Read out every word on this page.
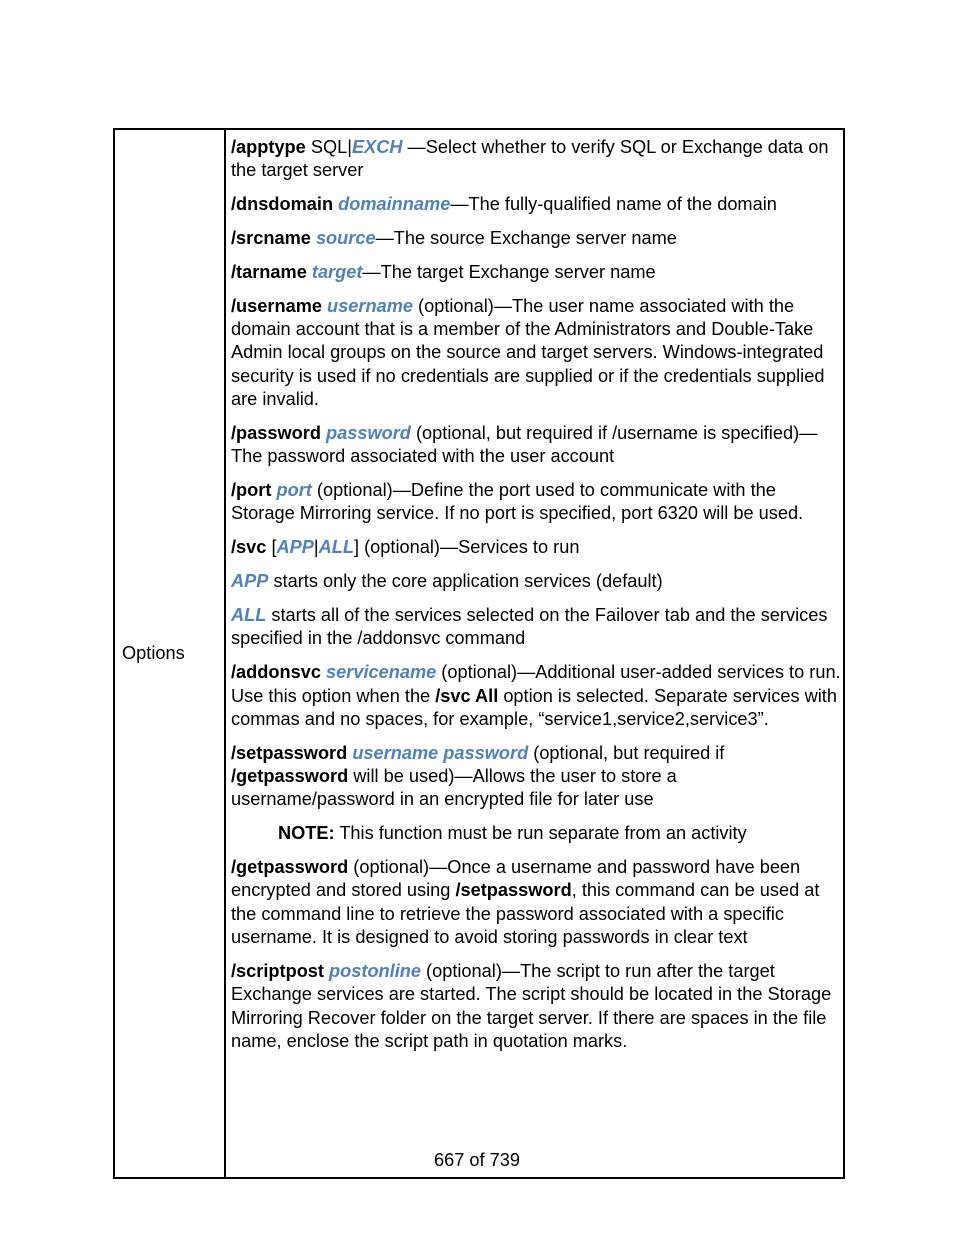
Options
/apptype SQL|EXCH —Select whether to verify SQL or Exchange data on the target server
/dnsdomain domainname—The fully-qualified name of the domain
/srcname source—The source Exchange server name
/tarname target—The target Exchange server name
/username username (optional)—The user name associated with the domain account that is a member of the Administrators and Double-Take Admin local groups on the source and target servers. Windows-integrated security is used if no credentials are supplied or if the credentials supplied are invalid.
/password password (optional, but required if /username is specified)—The password associated with the user account
/port port (optional)—Define the port used to communicate with the Storage Mirroring service. If no port is specified, port 6320 will be used.
/svc [APP|ALL] (optional)—Services to run
APP starts only the core application services (default)
ALL starts all of the services selected on the Failover tab and the services specified in the /addonsvc command
/addonsvc servicename (optional)—Additional user-added services to run. Use this option when the /svc All option is selected. Separate services with commas and no spaces, for example, “service1,service2,service3”.
/setpassword username password (optional, but required if /getpassword will be used)—Allows the user to store a username/password in an encrypted file for later use
NOTE: This function must be run separate from an activity
/getpassword (optional)—Once a username and password have been encrypted and stored using /setpassword, this command can be used at the command line to retrieve the password associated with a specific username. It is designed to avoid storing passwords in clear text
/scriptpost postonline (optional)—The script to run after the target Exchange services are started. The script should be located in the Storage Mirroring Recover folder on the target server. If there are spaces in the file name, enclose the script path in quotation marks.
667 of 739
